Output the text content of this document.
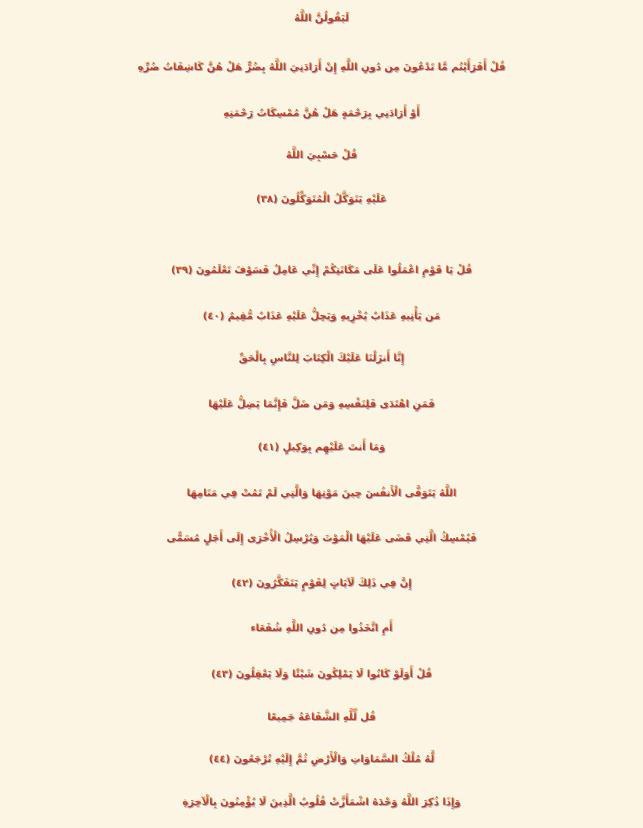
لَيَقُولُنَّ اللَّهُ
قُلْ أَفَرَأَيْتُم مَّا تَدْعُونَ مِن دُونِ اللَّهِ إِنْ أَرَادَنِيَ اللَّهُ بِضُرٍّ هَلْ هُنَّ كَاشِفَاتُ ضُرِّهِ
أَوْ أَرَادَنِي بِرَحْمَةٍ هَلْ هُنَّ مُمْسِكَاتُ رَحْمَتِهِ
قُلْ حَسْبِيَ اللَّهُ
عَلَيْهِ يَتَوَكَّلُ الْمُتَوَكِّلُونَ (٣٨)
قُلْ يَا قَوْمِ اعْمَلُوا عَلَى مَكَانَتِكُمْ إِنِّي عَامِلٌ فَسَوْفَ تَعْلَمُونَ (٣٩)
مَن يَأْتِيهِ عَذَابٌ يُخْزِيهِ وَيَحِلُّ عَلَيْهِ عَذَابٌ مُّقِيمٌ (٤٠)
إِنَّا أَنزَلْنَا عَلَيْكَ الْكِتَابَ لِلنَّاسِ بِالْحَقِّ
فَمَنِ اهْتَدَى فَلِنَفْسِهِ وَمَن ضَلَّ فَإِنَّمَا يَضِلُّ عَلَيْهَا
وَمَا أَنتَ عَلَيْهِم بِوَكِيلٍ (٤١)
اللَّهُ يَتَوَفَّى الْأَنفُسَ حِينَ مَوْتِهَا وَالَّتِي لَمْ تَمُتْ فِي مَنَامِهَا
فَيُمْسِكُ الَّتِي قَضَى عَلَيْهَا الْمَوْتَ وَيُرْسِلُ الْأُخْرَى إِلَى أَجَلٍ مُسَمًّى
إِنَّ فِي ذَلِكَ لَآيَاتٍ لِقَوْمٍ يَتَفَكَّرُونَ (٤٢)
أَمِ اتَّخَذُوا مِن دُونِ اللَّهِ شُفَعَاء
قُلْ أَوَلَوْ كَانُوا لَا يَمْلِكُونَ شَيْئًا وَلَا يَعْقِلُونَ (٤٣)
قُل لِّلَّهِ الشَّفَاعَةُ جَمِيعًا
لَّهُ مُلْكُ السَّمَاوَاتِ وَالْأَرْضِ ثُمَّ إِلَيْهِ تُرْجَعُونَ (٤٤)
وَإِذَا ذُكِرَ اللَّهُ وَحْدَهُ اشْمَأَزَّتْ قُلُوبُ الَّذِينَ لَا يُؤْمِنُونَ بِالْآخِرَةِ
